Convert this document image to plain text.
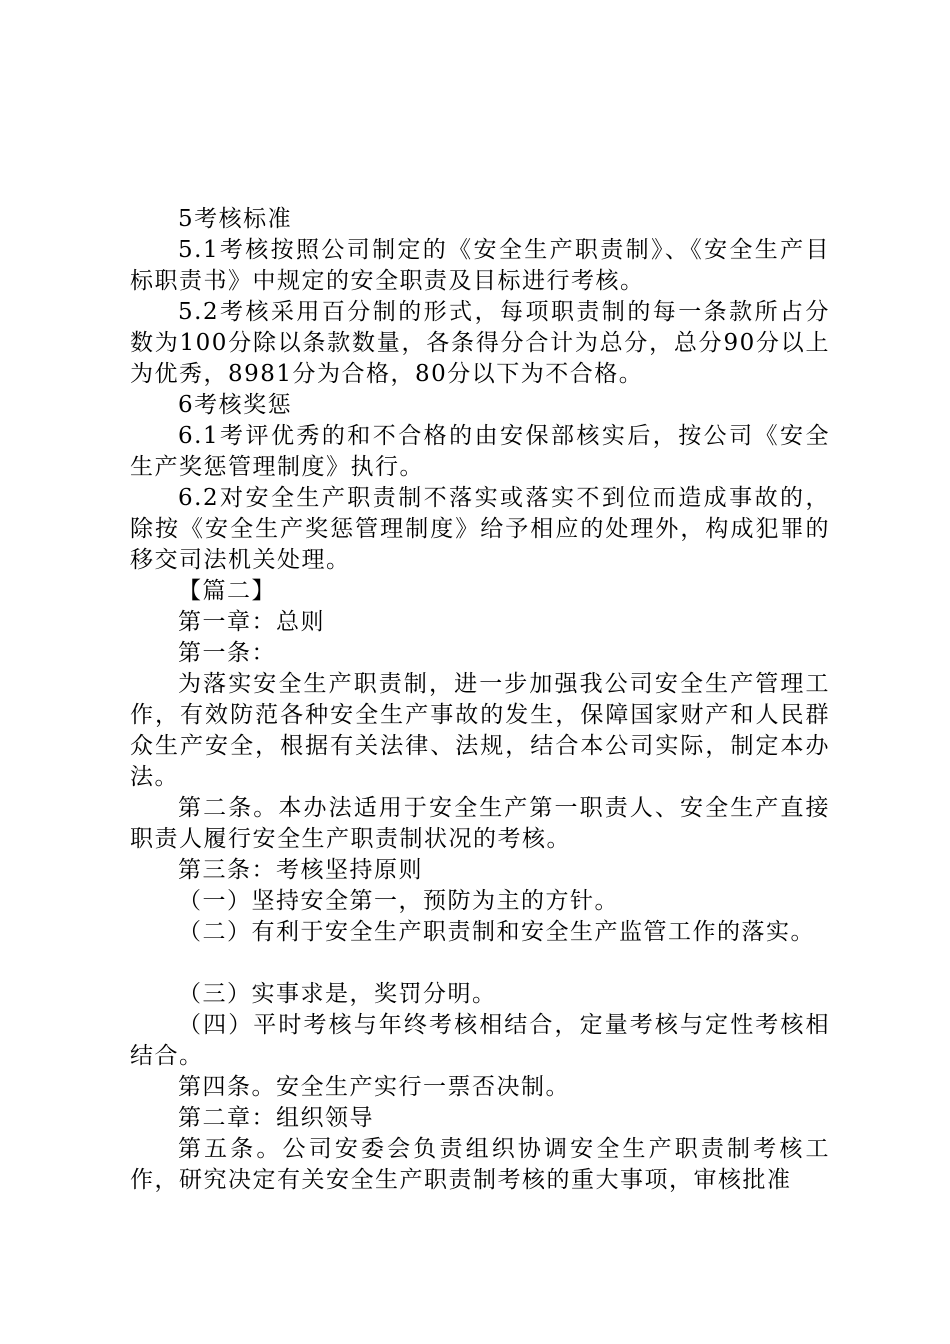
5考核标准

5.1考核按照公司制定的《安全生产职责制》、《安全生产目标职责书》中规定的安全职责及目标进行考核。

5.2考核采用百分制的形式，每项职责制的每一条款所占分数为100分除以条款数量，各条得分合计为总分，总分90分以上为优秀，8981分为合格，80分以下为不合格。

6考核奖惩

6.1考评优秀的和不合格的由安保部核实后，按公司《安全生产奖惩管理制度》执行。

6.2对安全生产职责制不落实或落实不到位而造成事故的，除按《安全生产奖惩管理制度》给予相应的处理外，构成犯罪的移交司法机关处理。

【篇二】

第一章：总则

第一条：

为落实安全生产职责制，进一步加强我公司安全生产管理工作，有效防范各种安全生产事故的发生，保障国家财产和人民群众生产安全，根据有关法律、法规，结合本公司实际，制定本办法。

第二条。本办法适用于安全生产第一职责人、安全生产直接职责人履行安全生产职责制状况的考核。

第三条：考核坚持原则

（一）坚持安全第一，预防为主的方针。

（二）有利于安全生产职责制和安全生产监管工作的落实。

（三）实事求是，奖罚分明。

（四）平时考核与年终考核相结合，定量考核与定性考核相结合。

第四条。安全生产实行一票否决制。

第二章：组织领导

第五条。公司安委会负责组织协调安全生产职责制考核工作，研究决定有关安全生产职责制考核的重大事项，审核批准
